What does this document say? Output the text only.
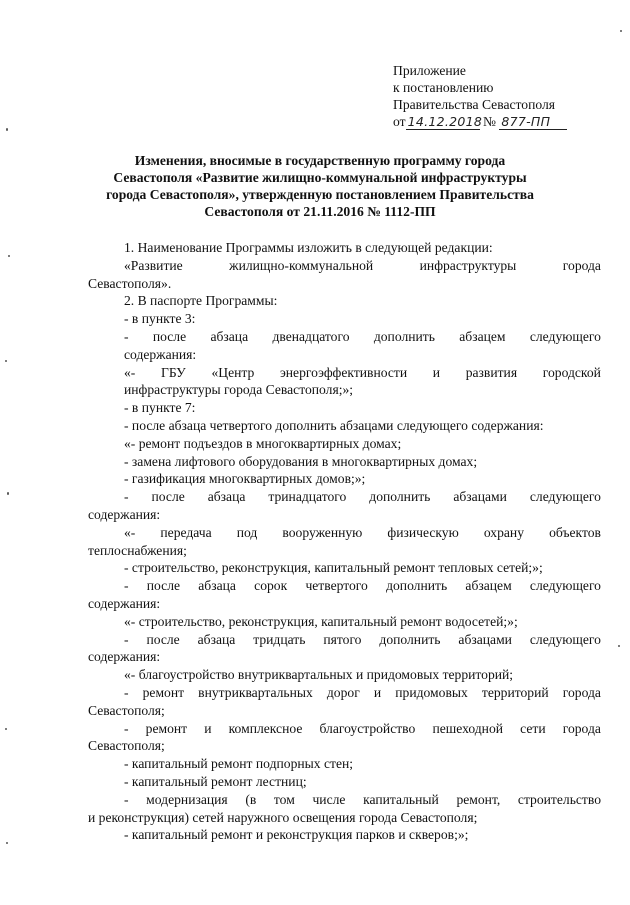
Приложение
к постановлению
Правительства Севастополя
от 14.12.2018 № 877-ПП
Изменения, вносимые в государственную программу города
Севастополя «Развитие жилищно-коммунальной инфраструктуры
города Севастополя», утвержденную постановлением Правительства
Севастополя от 21.11.2016 № 1112-ПП
1. Наименование Программы изложить в следующей редакции:
«Развитие	жилищно-коммунальной	инфраструктуры	города
Севастополя».
2. В паспорте Программы:
- в пункте 3:
- после абзаца двенадцатого дополнить абзацем следующего
содержания:
«- ГБУ «Центр энергоэффективности и развития городской
инфраструктуры города Севастополя;»;
- в пункте 7:
- после абзаца четвертого дополнить абзацами следующего содержания:
«- ремонт подъездов в многоквартирных домах;
- замена лифтового оборудования в многоквартирных домах;
- газификация многоквартирных домов;»;
- после абзаца тринадцатого дополнить абзацами следующего
содержания:
«- передача под вооруженную физическую охрану объектов
теплоснабжения;
- строительство, реконструкция, капитальный ремонт тепловых сетей;»;
- после абзаца сорок четвертого дополнить абзацем следующего
содержания:
«- строительство, реконструкция, капитальный ремонт водосетей;»;
- после абзаца тридцать пятого дополнить абзацами следующего
содержания:
«- благоустройство внутриквартальных и придомовых территорий;
- ремонт внутриквартальных дорог и придомовых территорий города
Севастополя;
- ремонт и комплексное благоустройство пешеходной сети города
Севастополя;
- капитальный ремонт подпорных стен;
- капитальный ремонт лестниц;
- модернизация (в том числе капитальный ремонт, строительство
и реконструкция) сетей наружного освещения города Севастополя;
- капитальный ремонт и реконструкция парков и скверов;»;
